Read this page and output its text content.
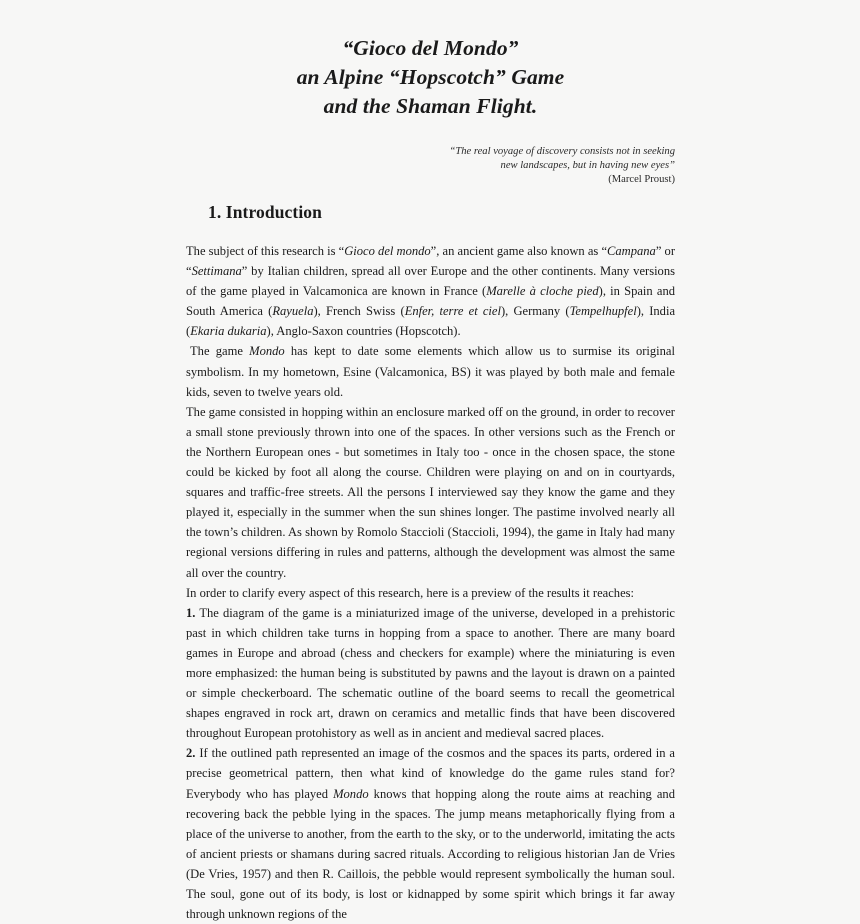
“Gioco del Mondo”
an Alpine “Hopscotch” Game
and the Shaman Flight.
“The real voyage of discovery consists not in seeking
new landscapes, but in having new eyes”
(Marcel Proust)
1. Introduction

The subject of this research is “Gioco del mondo”, an ancient game also known as “Campana” or “Settimana” by Italian children, spread all over Europe and the other continents. Many versions of the game played in Valcamonica are known in France (Marelle à cloche pied), in Spain and South America (Rayuela), French Swiss (Enfer, terre et ciel), Germany (Tempelhupfel), India (Ekaria dukaria), Anglo-Saxon countries (Hopscotch).

The game Mondo has kept to date some elements which allow us to surmise its original symbolism. In my hometown, Esine (Valcamonica, BS) it was played by both male and female kids, seven to twelve years old.

The game consisted in hopping within an enclosure marked off on the ground, in order to recover a small stone previously thrown into one of the spaces. In other versions such as the French or the Northern European ones - but sometimes in Italy too - once in the chosen space, the stone could be kicked by foot all along the course. Children were playing on and on in courtyards, squares and traffic-free streets. All the persons I interviewed say they know the game and they played it, especially in the summer when the sun shines longer. The pastime involved nearly all the town’s children. As shown by Romolo Staccioli (Staccioli, 1994), the game in Italy had many regional versions differing in rules and patterns, although the development was almost the same all over the country.

In order to clarify every aspect of this research, here is a preview of the results it reaches:

1. The diagram of the game is a miniaturized image of the universe, developed in a prehistoric past in which children take turns in hopping from a space to another. There are many board games in Europe and abroad (chess and checkers for example) where the miniaturing is even more emphasized: the human being is substituted by pawns and the layout is drawn on a painted or simple checkerboard. The schematic outline of the board seems to recall the geometrical shapes engraved in rock art, drawn on ceramics and metallic finds that have been discovered throughout European protohistory as well as in ancient and medieval sacred places.

2. If the outlined path represented an image of the cosmos and the spaces its parts, ordered in a precise geometrical pattern, then what kind of knowledge do the game rules stand for? Everybody who has played Mondo knows that hopping along the route aims at reaching and recovering back the pebble lying in the spaces. The jump means metaphorically flying from a place of the universe to another, from the earth to the sky, or to the underworld, imitating the acts of ancient priests or shamans during sacred rituals. According to religious historian Jan de Vries (De Vries, 1957) and then R. Caillois, the pebble would represent symbolically the human soul. The soul, gone out of its body, is lost or kidnapped by some spirit which brings it far away through unknown regions of the
